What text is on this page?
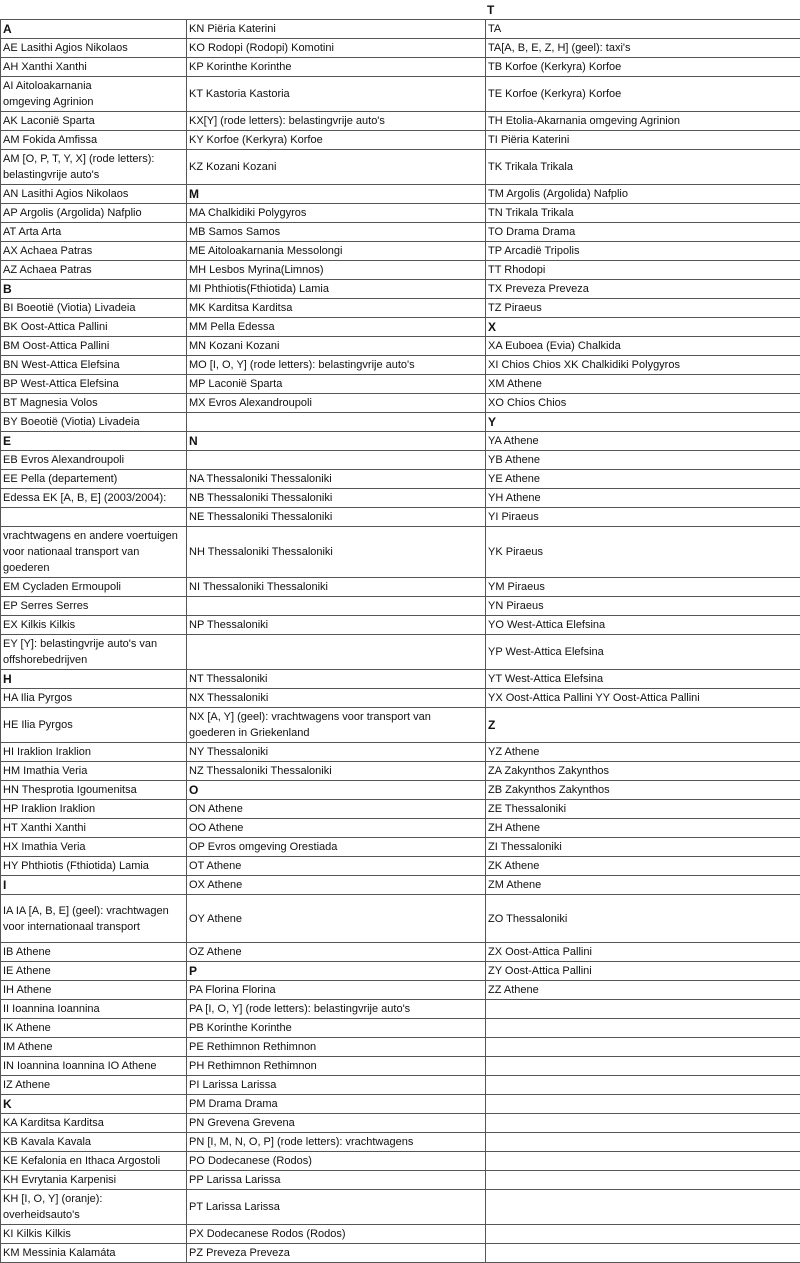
T
A	KN Piëria Katerini	TA
AE Lasithi Agios Nikolaos	KO Rodopi (Rodopi) Komotini	TA[A, B, E, Z, H] (geel): taxi's
AH Xanthi Xanthi	KP Korinthe Korinthe	TB Korfoe (Kerkyra) Korfoe
AI Aitoloakarnania
omgeving Agrinion	KT Kastoria Kastoria	TE Korfoe (Kerkyra) Korfoe
AK Laconië Sparta	KX[Y] (rode letters): belastingvrije auto's	TH Etolia-Akarnania omgeving Agrinion
AM Fokida Amfissa	KY Korfoe (Kerkyra) Korfoe	TI Piëria Katerini
AM [O, P, T, Y, X] (rode letters):
belastingvrije auto's	KZ Kozani Kozani	TK Trikala Trikala
AN Lasithi Agios Nikolaos	M	TM Argolis (Argolida) Nafplio
AP Argolis (Argolida) Nafplio	MA Chalkidiki Polygyros	TN Trikala Trikala
AT Arta Arta	MB Samos Samos	TO Drama Drama
AX Achaea Patras	ME Aitoloakarnania Messolongi	TP Arcadië Tripolis
AZ Achaea Patras	MH Lesbos Myrina(Limnos)	TT Rhodopi
B	MI Phthiotis(Fthiotida) Lamia	TX Preveza Preveza
BI Boeotië (Viotia) Livadeia	MK Karditsa Karditsa	TZ Piraeus
BK Oost-Attica Pallini	MM Pella Edessa	X
BM Oost-Attica Pallini	MN Kozani Kozani	XA Euboea (Evia) Chalkida
BN West-Attica Elefsina	MO [I, O, Y] (rode letters): belastingvrije auto's	XI Chios Chios XK Chalkidiki Polygyros
BP West-Attica Elefsina	MP Laconië Sparta	XM Athene
BT Magnesia Volos	MX Evros Alexandroupoli	XO Chios Chios
BY Boeotië (Viotia) Livadeia		Y
E	N	YA Athene
EB Evros Alexandroupoli		YB Athene
EE Pella (departement)	NA Thessaloniki Thessaloniki	YE Athene
Edessa EK [A, B, E] (2003/2004):	NB Thessaloniki Thessaloniki	YH Athene
	NE Thessaloniki Thessaloniki	YI Piraeus
vrachtwagens en andere voertuigen
voor nationaal transport van
goederen	NH Thessaloniki Thessaloniki	YK Piraeus
EM Cycladen Ermoupoli	NI Thessaloniki Thessaloniki	YM Piraeus
EP Serres Serres		YN Piraeus
EX Kilkis Kilkis	NP Thessaloniki	YO West-Attica Elefsina
EY [Y]: belastingvrije auto's van
offshorebedrijven		YP West-Attica Elefsina
H	NT Thessaloniki	YT West-Attica Elefsina
HA Ilia Pyrgos	NX Thessaloniki	YX Oost-Attica Pallini YY Oost-Attica Pallini
HE Ilia Pyrgos	NX [A, Y] (geel): vrachtwagens voor transport van
goederen in Griekenland	Z
HI Iraklion Iraklion	NY Thessaloniki	YZ Athene
HM Imathia Veria	NZ Thessaloniki Thessaloniki	ZA Zakynthos Zakynthos
HN Thesprotia Igoumenitsa	O	ZB Zakynthos Zakynthos
HP Iraklion Iraklion	ON Athene	ZE Thessaloniki
HT Xanthi Xanthi	OO Athene	ZH Athene
HX Imathia Veria	OP Evros omgeving Orestiada	ZI Thessaloniki
HY Phthiotis (Fthiotida) Lamia	OT Athene	ZK Athene
I	OX Athene	ZM Athene
IA IA [A, B, E] (geel): vrachtwagen
voor internationaal transport	OY Athene	ZO Thessaloniki
IB Athene	OZ Athene	ZX Oost-Attica Pallini
IE Athene	P	ZY Oost-Attica Pallini
IH Athene	PA Florina Florina	ZZ Athene
II Ioannina Ioannina	PA [I, O, Y] (rode letters): belastingvrije auto's	
IK Athene	PB Korinthe Korinthe	
IM Athene	PE Rethimnon Rethimnon	
IN Ioannina Ioannina IO Athene	PH Rethimnon Rethimnon	
IZ Athene	PI Larissa Larissa	
K	PM Drama Drama	
KA Karditsa Karditsa	PN Grevena Grevena	
KB Kavala Kavala	PN [I, M, N, O, P] (rode letters): vrachtwagens	
KE Kefalonia en Ithaca Argostoli	PO Dodecanese (Rodos)	
KH Evrytania Karpenisi	PP Larissa Larissa	
KH [I, O, Y] (oranje):
overheidsauto's	PT Larissa Larissa	
KI Kilkis Kilkis	PX Dodecanese Rodos (Rodos)	
KM Messinia Kalamáta	PZ Preveza Preveza	
